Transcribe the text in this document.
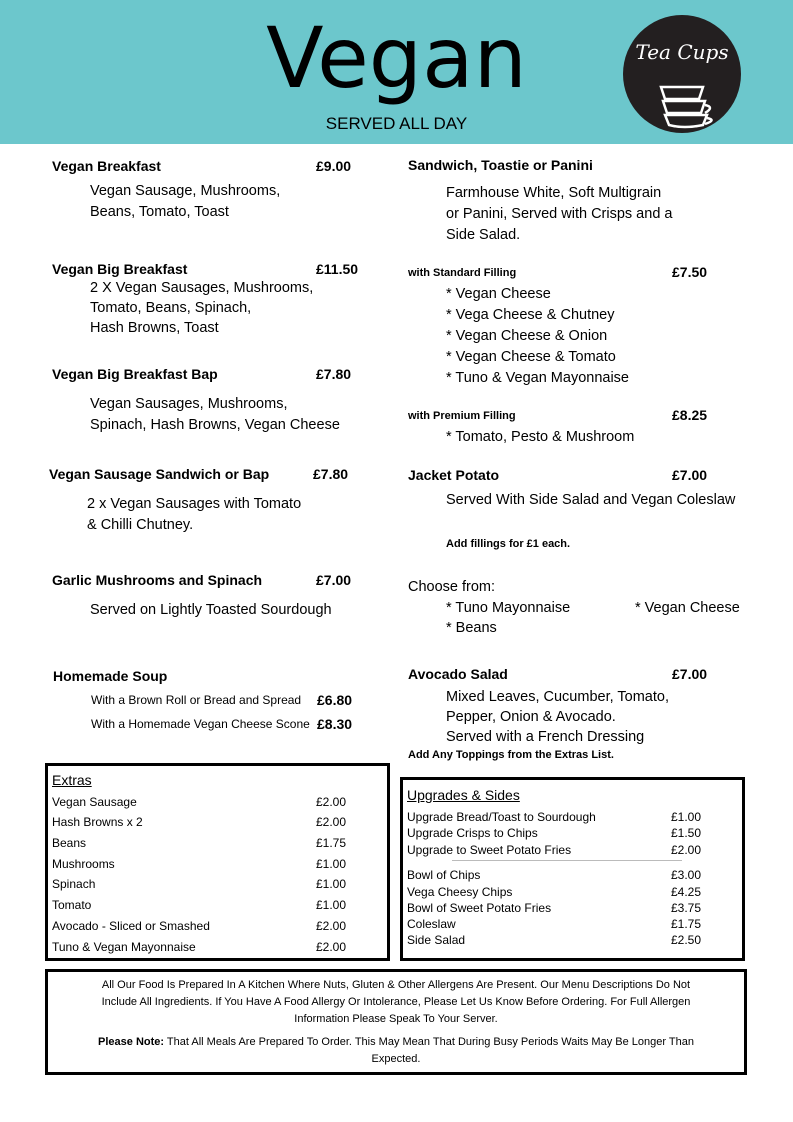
Vegan
SERVED ALL DAY
Tea Cups
Vegan Breakfast	£9.00
Vegan Sausage, Mushrooms,
Beans, Tomato, Toast
Vegan Big Breakfast	£11.50
2 X Vegan Sausages, Mushrooms,
Tomato, Beans, Spinach,
Hash Browns, Toast
Vegan Big Breakfast Bap	£7.80
Vegan Sausages, Mushrooms,
Spinach, Hash Browns, Vegan Cheese
Vegan Sausage Sandwich or Bap	£7.80
2 x Vegan Sausages with Tomato
& Chilli Chutney.
Garlic Mushrooms and Spinach	£7.00
Served on Lightly Toasted Sourdough
Homemade Soup
With a Brown Roll or Bread and Spread £6.80
With a Homemade Vegan Cheese Scone £8.30
Sandwich, Toastie or Panini
Farmhouse White, Soft Multigrain
or Panini, Served with Crisps and a
Side Salad.
with Standard Filling	£7.50
* Vegan Cheese
* Vega Cheese & Chutney
* Vegan Cheese & Onion
* Vegan Cheese & Tomato
* Tuno & Vegan Mayonnaise
with Premium Filling	£8.25
* Tomato, Pesto & Mushroom
Jacket Potato	£7.00
Served With Side Salad and Vegan Coleslaw
Add fillings for £1 each.
Choose from:
* Tuno Mayonnaise	* Vegan Cheese
* Beans
Avocado Salad	£7.00
Mixed Leaves, Cucumber, Tomato,
Pepper, Onion & Avocado.
Served with a French Dressing
Add Any Toppings from the Extras List.
Extras
Vegan Sausage	£2.00
Hash Browns x 2	£2.00
Beans	£1.75
Mushrooms	£1.00
Spinach	£1.00
Tomato	£1.00
Avocado - Sliced or Smashed	£2.00
Tuno & Vegan Mayonnaise	£2.00
Upgrades & Sides
Upgrade Bread/Toast to Sourdough	£1.00
Upgrade Crisps to Chips	£1.50
Upgrade to Sweet Potato Fries	£2.00
Bowl of Chips	£3.00
Vega Cheesy Chips	£4.25
Bowl of Sweet Potato Fries	£3.75
Coleslaw	£1.75
Side Salad	£2.50
All Our Food Is Prepared In A Kitchen Where Nuts, Gluten & Other Allergens Are Present. Our Menu Descriptions Do Not
Include All Ingredients. If You Have A Food Allergy Or Intolerance, Please Let Us Know Before Ordering. For Full Allergen
Information Please Speak To Your Server.
Please Note: That All Meals Are Prepared To Order. This May Mean That During Busy Periods Waits May Be Longer Than
Expected.
